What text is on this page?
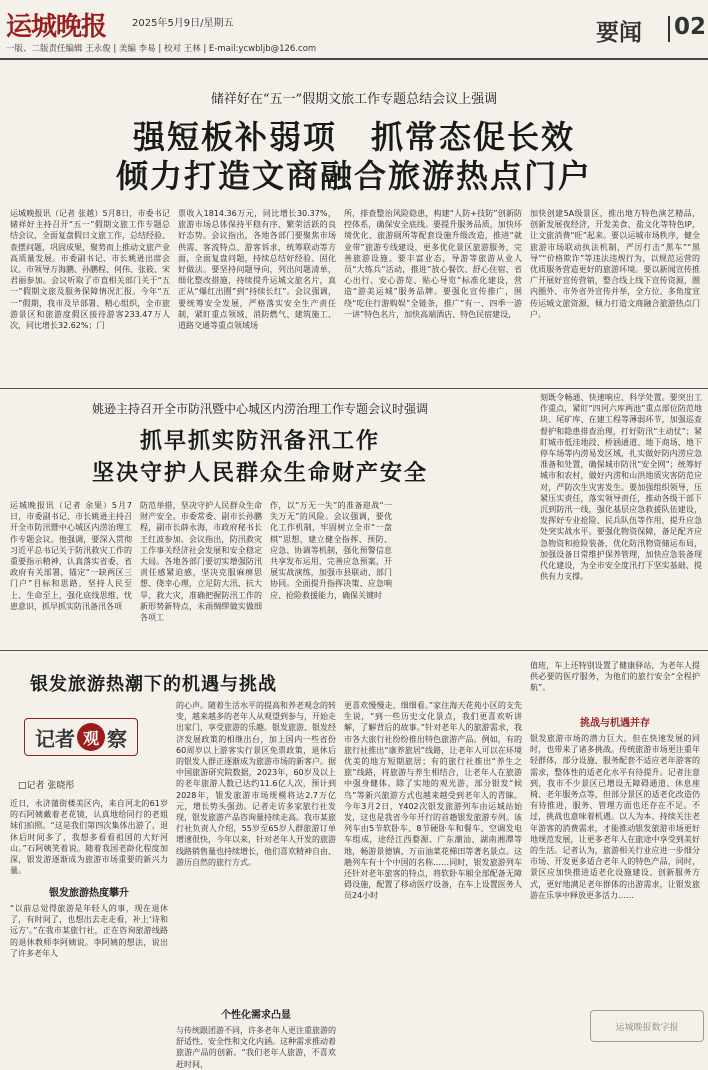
运城晚报	2025年5月9日/星期五
一版、二版责任编辑 王永俊 | 美编 李易 | 校对 王林 | E-mail:ycwbljb@126.com
要闻 02
储祥好在“五一”假期文旅工作专题总结会议上强调
强短板补弱项　抓常态促长效
倾力打造文商融合旅游热点门户
运城晚报讯（记者 张越）5月8日，市委书记储祥好主持召开“五一”假期文旅工作专题总结会议，全面复盘假日文旅工作，总结经验、查摆问题，巩固成果，聚势而上推动文旅产业高质量发展。市委副书记、市长姚逊出席会议。市领导万海鹏、孙鹏程、何伟、张筱、宋君丽参加。会议听取了市直相关部门关于“五一”假期文旅及服务保障情况汇报。今年“五一”假期，我市及早部署、精心组织，全市旅游景区和旅游度假区接待游客233.47万人次，同比增长32.62%；门
票收入1814.36万元，同比增长30.37%，旅游市场总体保持平稳有序、繁荣活跃的良好态势。会议指出，各地各部门要聚焦市场供需、客流特点、游客诉求，统筹联动等方面，全面复盘问题，持续总结好经验、固化好做法。要坚持问题导向，列出问题清单，细化整改措施，持续提升运城文旅名片，真正从“爆红出圈”到“持续长红”。会议强调，要统筹安全发展，严格落实安全生产责任制，紧盯重点领域、消防燃气、建筑施工、道路交通等重点领域场
所，排查整治风险隐患，构建“人防+技防”创新防控体系，确保安全底线。要提升服务品质，加快环境优化、旅游厕所等配套设施升级改造，推进“就业带”旅游专线建设，更多优化景区旅游服务，完善旅游设施。要丰富业态，导游等旅游从业人员“大练兵”活动，推进“放心餐饮、舒心住宿、省心出行、安心游览、贴心导览”标准化建设，营造“游美运城”服务品牌。要强化宣传推广，围绕“吃住行游购娱”全链条，推广“有一、四季一游一讲”特色名片，加快高端酒店、特色民宿建设，
加快创建5A级景区，推出地方特色演艺精品，创新发展夜经济，开发美食、盐文化等特色IP，让文旅消费“旺”起来。要以运城市场秩序，健全旅游市场联动执法机制，严厉打击“黑车”“黑导”“价格欺诈”等违法违规行为，以规范运营的优质服务营造更好的旅游环境。要以新闻宣传推广开展好宣传营销，整合线上线下宣传资源，圈内圈外、市外省外宣传并举，全方位、多角度宣传运城文旅资源，倾力打造文商融合旅游热点门户。
姚逊主持召开全市防汛暨中心城区内涝治理工作专题会议时强调
抓早抓实防汛备汛工作
坚决守护人民群众生命财产安全
运城晚报讯（记者 余果）5月7日，市委副书记、市长姚逊主持召开全市防汛暨中心城区内涝治理工作专题会议。他强调，要深入贯彻习近平总书记关于防汛救灾工作的重要指示精神，认真落实省委、省政府有关部署，锚定“一缺两区三门户”目标和思路，坚持人民至上、生命至上，强化底线思维、忧患意识，抓早抓实防汛备汛各项
防范举措，坚决守护人民群众生命财产安全。市委常委、副市长孙鹏程，副市长薛永海，市政府秘书长王红波参加。会议指出，防汛救灾工作事关经济社会发展和安全稳定大局。各地各部门要切实增强防汛责任感紧迫感，坚决克服麻痹思想、侥幸心理，立足防大汛、抗大旱、救大灾，准确把握防汛工作的新形势新特点，未雨绸缪做实做细各项工
作，以“万无一失”的准备迎战“一失万无”的风险。会议强调，要优化工作机制，牢固树立全市“一盘棋”思想，建立健全指挥、预防、应急、协调等机制，强化预警信息共享发布运用，完善应急预案，开展实战演练，加强市县联动、部门协同。全面提升指挥决策、应急响应、抢险救援能力，确保关键时
刻既令畅通、快速响应、科学处置。要突出工作重点，紧盯“四河六库两池”重点部位防范地块、尾矿库、在建工程等薄弱环节，加强巡查督护和隐患排查治理，打好防汛“主动仗”；紧盯城市低洼地段、桥涵通道、地下商场、地下停车场等内涝易发区域，扎实做好防内涝应急准备和处置，确保城市防汛“安全网”；统筹好城市和农村，做好内涝和山洪地质灾害防范应对，严防次生灾害发生。要加强组织领导，压紧压实责任，落实领导责任，推动各级干部下沉到防汛一线，强化基层应急救援队伍建设，发挥好专业抢险、民兵队伍等作用，提升应急处突实战水平。要强化物资保障，备足配齐应急物资和抢险装备，优化防汛物资储运布局，加强设备日常维护保养管理，加快应急装备现代化建设，为全市安全度汛打下坚实基础、提供有力支撑。
银发旅游热潮下的机遇与挑战
记者 观 察
□记者 张晓彤
近日，永济蒲街楼美区内，来自河北的61岁的石阿姨戴着老花镜，认真地给同行的老姐妹们拍照。“这是我们第四次集体出游了，退休后时间多了，我想多看看祖国的大好河山。”石阿姨笑着说。随着我国老龄化程度加深，银发游逐渐成为旅游市场重要的新兴力量。
银发旅游热度攀升
“以前总觉得旅游是年轻人的事，现在退休了，有时间了，也想出去走走看，补上‘诗和远方’。”在我市某旅行社，正在咨询旅游线路的退休教师李阿姨说。李阿姨的想法，说出了许多老年人
的心声。随着生活水平的提高和养老观念的转变，越来越多的老年人从观望到参与，开始走出家门，享受旅游的乐趣。银发旅游、银发经济发展政策的相继出台，加上国内一些省份60周岁以上游客实行景区免票政策，退休后的银发人群正逐渐成为旅游市场的新客户。据中国旅游研究院数据，2023年，60岁及以上的老年旅游人数已达约11.6亿人次，预计到2028年，银发旅游市场规模将达2.7万亿元，增长势头强劲。记者走访多家旅行社发现，银发旅游产品咨询量持续走高。我市某旅行社负责人介绍，55岁至65岁人群旅游订单增速很快，今年以来，针对老年人开发的旅游线路销售量也持续增长，他们喜欢精神自由、游历自然的旅行方式。
个性化需求凸显
与传统跟团游不同，许多老年人更注重旅游的舒适性、安全性和文化内涵。这种需求推动着旅游产品的创新。“我们老年人旅游，不喜欢赶时间，
更喜欢慢慢走、细细看。”家住海天花苑小区的支先生说，“到一些历史文化景点，我们更喜欢听讲解，了解背后的故事。”针对老年人的旅游需求，我市各大旅行社纷纷推出特色旅游产品。例如，有的旅行社推出“康养旅居”线路，让老年人可以在环境优美的地方短期旅居；有的旅行社推出“养生之旅”线路，将旅游与养生相结合，让老年人在旅游中强身健体。除了实地的观光游，部分银发“候鸟”等新兴旅游方式也越来越受到老年人的青睐。今年3月2日，Y402次银发旅游列车由运城站始发，这也是我省今年开行的首趟银发旅游专列。该列车由5节软卧车、8节硬卧车和餐车、空调发电车组成，途经江西婺源、广东潮汕、湖南湘潭等地，畅游景德镇、万亩油菜花梯田等著名景点。这趟列车有十个中国的名称……同时，银发旅游列车还针对老年旅客的特点，将软卧车厢全部配备无障碍设施，配置了移动医疗设备，在车上设置医务人员24小时
值班，车上还特别设置了健康驿站，为老年人提供必要的医疗服务，为他们的旅行安全“全程护航”。
挑战与机遇并存
银发旅游市场的潜力巨大，但在快速发展的同时，也带来了诸多挑战。传统旅游市场更注重年轻群体，部分设施、服务配套不适应老年游客的需求，整体性的适老化水平有待提升。记者注意到，我市不少景区已增设无障碍通道、休息座椅、老年服务点等，但部分景区的适老化改造仍有待推进，服务、管理方面也还存在不足。不过，挑战也意味着机遇。以人为本、持续关注老年游客的消费需求，才能推动银发旅游市场更好地规范发展，让更多老年人在旅途中享受到美好的生活。记者认为，旅游相关行业应进一步细分市场、开发更多适合老年人的特色产品，同时，景区应加快推进适老化设施建设、创新服务方式，更好地满足老年群体的出游需求，让银发旅游在乐享中释放更多活力……
运城晚报数字报
